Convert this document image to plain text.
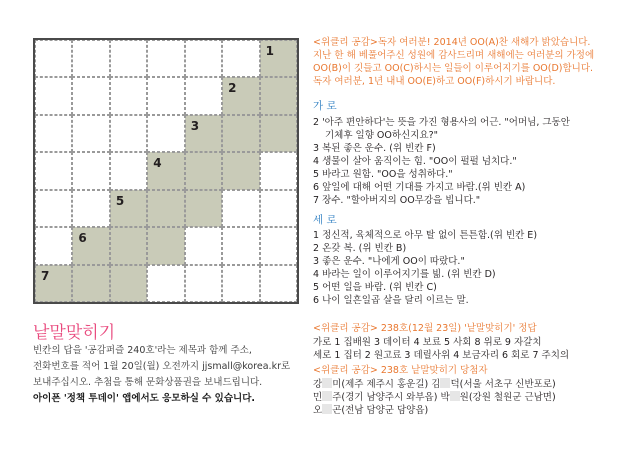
1
2
3
4
5
6
7
낱말맞히기
빈칸의 답을 '공감퍼즐 240호'라는 제목과 함께 주소,
전화번호를 적어 1월 20일(월) 오전까지 jjsmall@korea.kr로
보내주십시오. 추첨을 통해 문화상품권을 보내드립니다.
아이폰 '정책 투데이' 앱에서도 응모하실 수 있습니다.
<위클리 공감>독자 여러분! 2014년 OO(A)찬 새해가 밝았습니다.
지난 한 해 베풀어주신 성원에 감사드리며 새해에는 여러분의 가정에
OO(B)이 깃들고 OO(C)하시는 일들이 이루어지기를 OO(D)합니다.
독자 여러분, 1년 내내 OO(E)하고 OO(F)하시기 바랍니다.
가 로
2 '아주 편안하다'는 뜻을 가진 형용사의 어근. "어머님, 그동안
기체후 일향 OO하신지요?"
3 복된 좋은 운수. (위 빈칸 F)
4 생물이 살아 움직이는 힘. "OO이 펄펄 넘치다."
5 바라고 원함. "OO을 성취하다."
6 앞일에 대해 어떤 기대를 가지고 바람.(위 빈칸 A)
7 장수. "할아버지의 OO무강을 빕니다."
세 로
1 정신적, 육체적으로 아무 탈 없이 튼튼함.(위 빈칸 E)
2 온갖 복. (위 빈칸 B)
3 좋은 운수. "나에게 OO이 따랐다."
4 바라는 일이 이루어지기를 빎. (위 빈칸 D)
5 어떤 일을 바람. (위 빈칸 C)
6 나이 일흔일곱 살을 달리 이르는 말.
<위클리 공감> 238호(12월 23일) '낱말맞히기' 정답
가로 1 집배원 3 데이터 4 보료 5 사회 8 위로 9 자갈치
세로 1 집터 2 원고료 3 데릴사위 4 보금자리 6 회로 7 주치의
<위클리 공감> 238호 낱말맞히기 당첨자
강 미(제주 제주시 홍운길) 김 덕(서울 서초구 신반포로)
민 주(경기 남양주시 와부읍) 박 원(강원 철원군 근남면)
오 곤(전남 담양군 담양읍)
